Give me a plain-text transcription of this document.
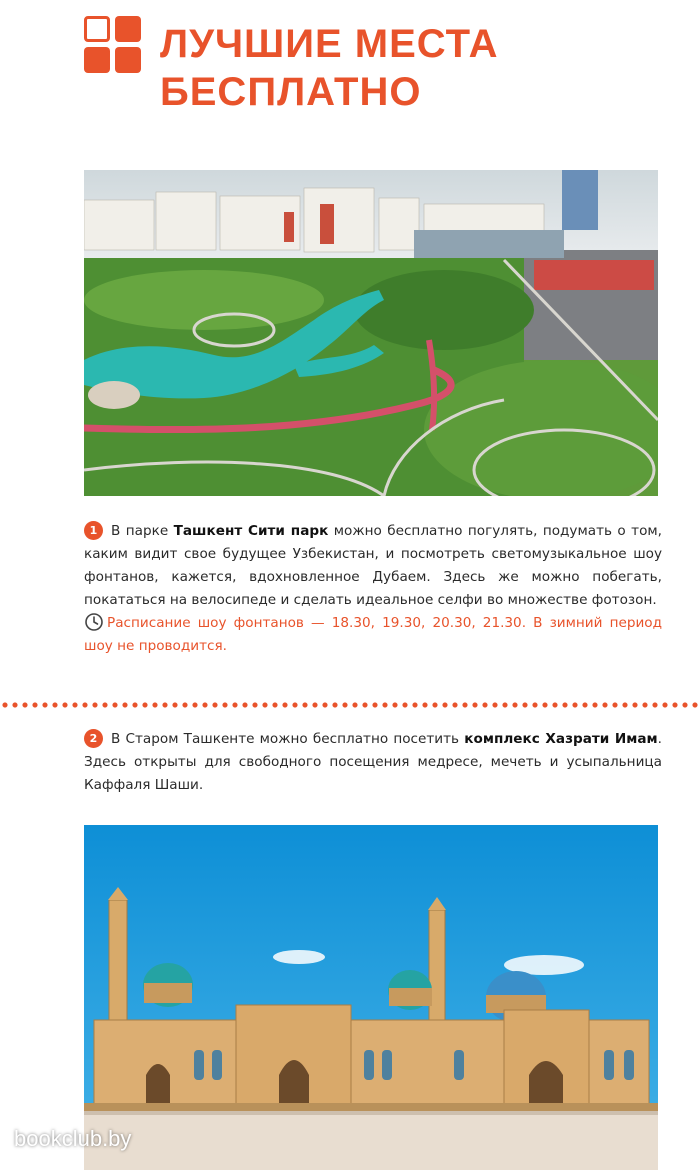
ЛУЧШИЕ МЕСТА
БЕСПЛАТНО
1 В парке Ташкент Сити парк можно бесплатно погулять, подумать о том, каким видит свое будущее Узбекистан, и посмотреть светомузыкальное шоу фонтанов, кажется, вдохновленное Дубаем. Здесь же можно побегать, покататься на велосипеде и сделать идеальное селфи во множестве фотозон.
Расписание шоу фонтанов — 18.30, 19.30, 20.30, 21.30. В зимний период шоу не проводится.
2 В Старом Ташкенте можно бесплатно посетить комплекс Хазрати Имам. Здесь открыты для свободного посещения медресе, мечеть и усыпальница Каффаля Шаши.
bookclub.by
